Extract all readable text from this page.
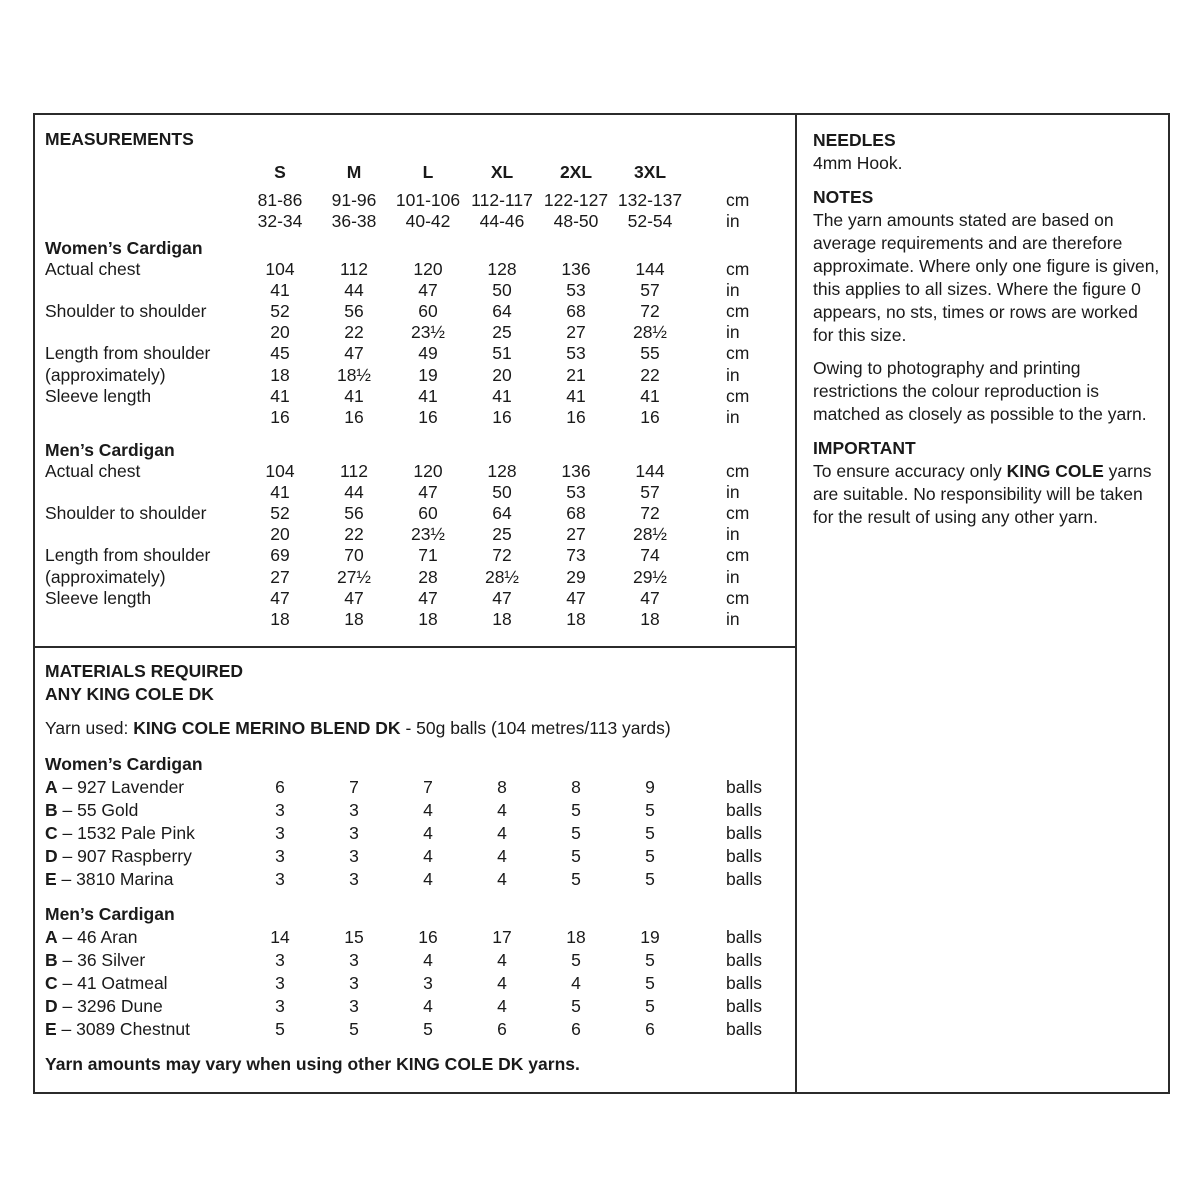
MEASUREMENTS
S	M	L	XL	2XL 3XL
81-86 91-96 101-106 112-117 122-127 132-137	cm
32-34 36-38 40-42 44-46 48-50 52-54	in
Women’s Cardigan
Actual chest	104	112	120	128	136	144	cm
41	44	47	50	53	57	in
Shoulder to shoulder	52	56	60	64	68	72	cm
20	22	23½	25	27	28½	in
Length from shoulder	45	47	49	51	53	55	cm
(approximately)	18	18½	19	20	21	22	in
Sleeve length	41	41	41	41	41	41	cm
16	16	16	16	16	16	in
Men’s Cardigan
Actual chest	104	112	120	128	136	144	cm
41	44	47	50	53	57	in
Shoulder to shoulder	52	56	60	64	68	72	cm
20	22	23½	25	27	28½	in
Length from shoulder	69	70	71	72	73	74	cm
(approximately)	27	27½	28	28½	29	29½	in
Sleeve length	47	47	47	47	47	47	cm
18	18	18	18	18	18	in
MATERIALS REQUIRED
ANY KING COLE DK
Yarn used: KING COLE MERINO BLEND DK - 50g balls (104 metres/113 yards)
Women’s Cardigan
A – 927 Lavender	6	7	7	8	8	9	balls
B – 55 Gold	3	3	4	4	5	5	balls
C – 1532 Pale Pink	3	3	4	4	5	5	balls
D – 907 Raspberry	3	3	4	4	5	5	balls
E – 3810 Marina	3	3	4	4	5	5	balls
Men’s Cardigan
A – 46 Aran	14	15	16	17	18	19	balls
B – 36 Silver	3	3	4	4	5	5	balls
C – 41 Oatmeal	3	3	3	4	4	5	balls
D – 3296 Dune	3	3	4	4	5	5	balls
E – 3089 Chestnut	5	5	5	6	6	6	balls
Yarn amounts may vary when using other KING COLE DK yarns.

NEEDLES

4mm Hook.

NOTES

The yarn amounts stated are based on average requirements and are therefore approximate. Where only one figure is given, this applies to all sizes. Where the figure 0 appears, no sts, times or rows are worked for this size.

Owing to photography and printing restrictions the colour reproduction is matched as closely as possible to the yarn.

IMPORTANT

To ensure accuracy only KING COLE yarns are suitable. No responsibility will be taken for the result of using any other yarn.
